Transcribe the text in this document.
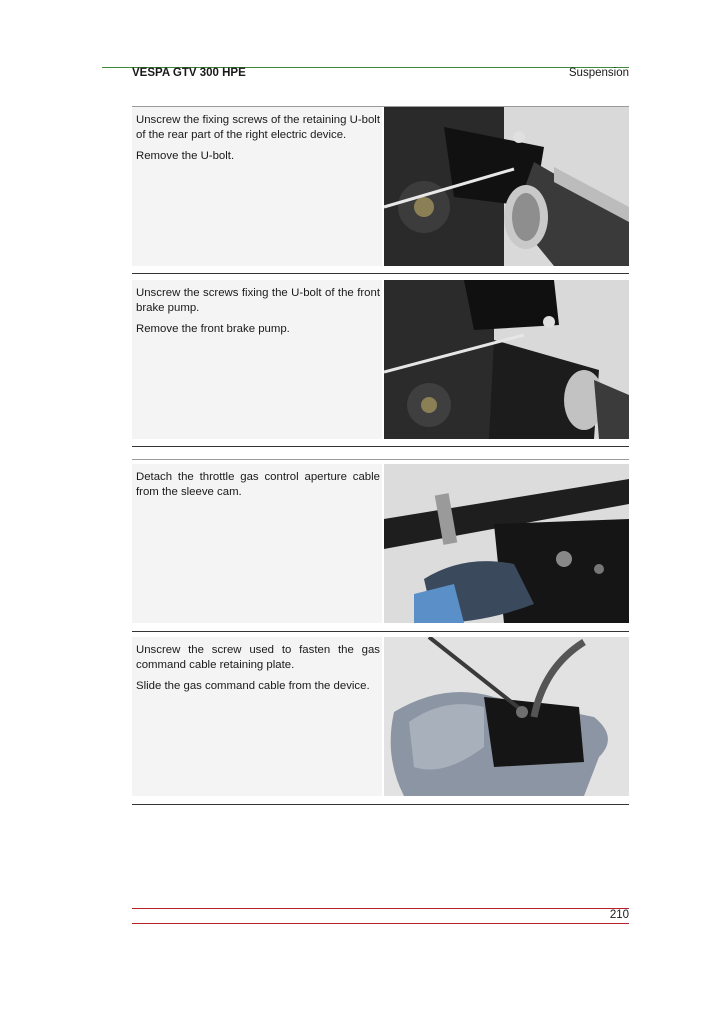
VESPA GTV 300 HPE	Suspension

Unscrew the fixing screws of the retaining U-bolt of the rear part of the right electric device.

Remove the U-bolt.

Unscrew the screws fixing the U-bolt of the front brake pump.

Remove the front brake pump.

Detach the throttle gas control aperture cable from the sleeve cam.

Unscrew the screw used to fasten the gas command cable retaining plate.

Slide the gas command cable from the device.

210
